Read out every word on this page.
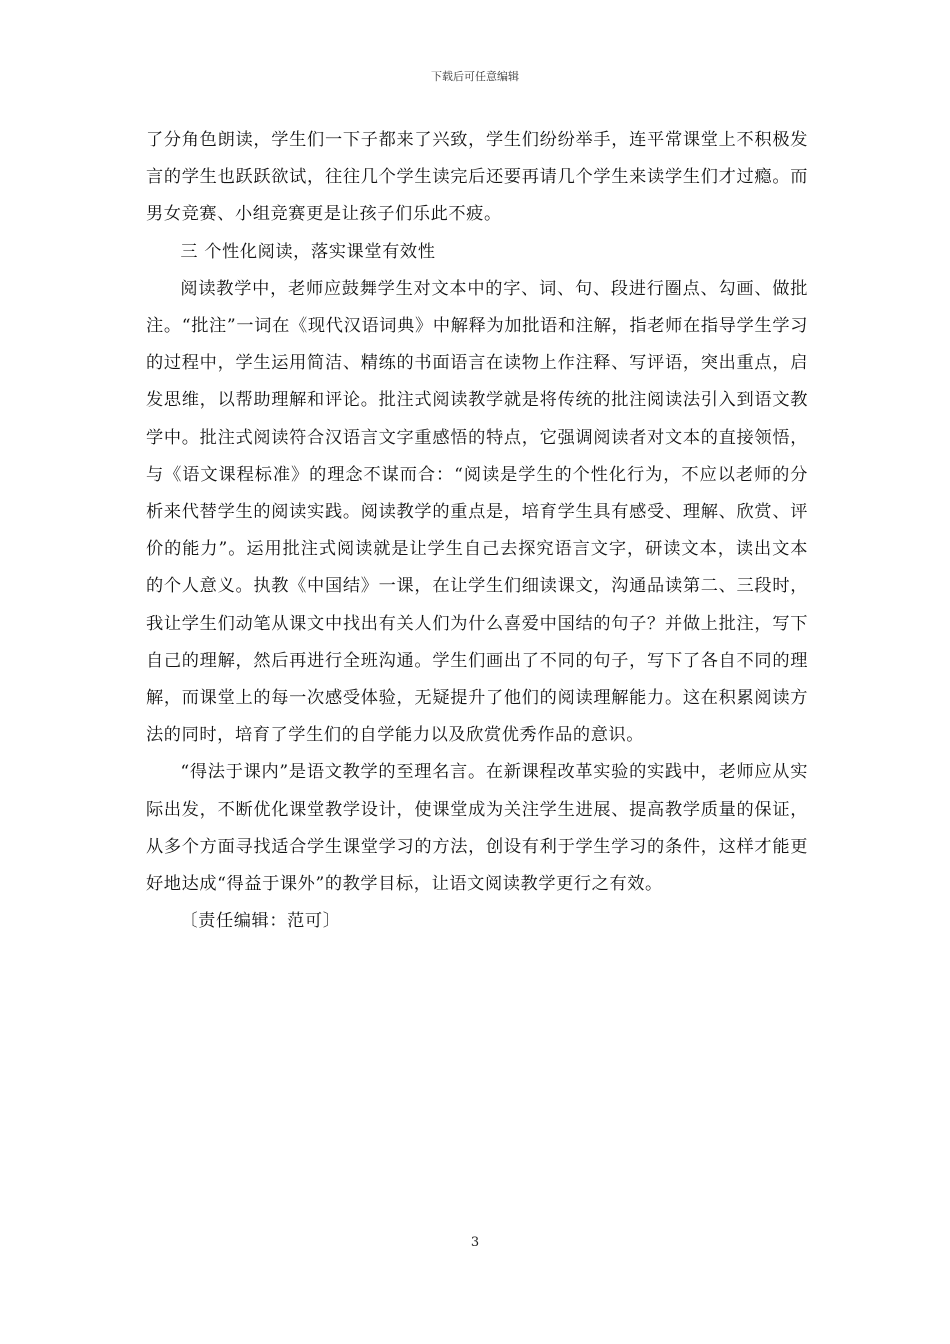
下载后可任意编辑

了分角色朗读，学生们一下子都来了兴致，学生们纷纷举手，连平常课堂上不积极发言的学生也跃跃欲试，往往几个学生读完后还要再请几个学生来读学生们才过瘾。而男女竞赛、小组竞赛更是让孩子们乐此不疲。

三 个性化阅读，落实课堂有效性

阅读教学中，老师应鼓舞学生对文本中的字、词、句、段进行圈点、勾画、做批注。“批注”一词在《现代汉语词典》中解释为加批语和注解，指老师在指导学生学习的过程中，学生运用简洁、精练的书面语言在读物上作注释、写评语，突出重点，启发思维，以帮助理解和评论。批注式阅读教学就是将传统的批注阅读法引入到语文教学中。批注式阅读符合汉语言文字重感悟的特点，它强调阅读者对文本的直接领悟，与《语文课程标准》的理念不谋而合：“阅读是学生的个性化行为，不应以老师的分析来代替学生的阅读实践。阅读教学的重点是，培育学生具有感受、理解、欣赏、评价的能力”。运用批注式阅读就是让学生自己去探究语言文字，研读文本，读出文本的个人意义。执教《中国结》一课，在让学生们细读课文，沟通品读第二、三段时，我让学生们动笔从课文中找出有关人们为什么喜爱中国结的句子？并做上批注，写下自己的理解，然后再进行全班沟通。学生们画出了不同的句子，写下了各自不同的理解，而课堂上的每一次感受体验，无疑提升了他们的阅读理解能力。这在积累阅读方法的同时，培育了学生们的自学能力以及欣赏优秀作品的意识。

“得法于课内”是语文教学的至理名言。在新课程改革实验的实践中，老师应从实际出发，不断优化课堂教学设计，使课堂成为关注学生进展、提高教学质量的保证，从多个方面寻找适合学生课堂学习的方法，创设有利于学生学习的条件，这样才能更好地达成“得益于课外”的教学目标，让语文阅读教学更行之有效。

〔责任编辑：范可〕

3
